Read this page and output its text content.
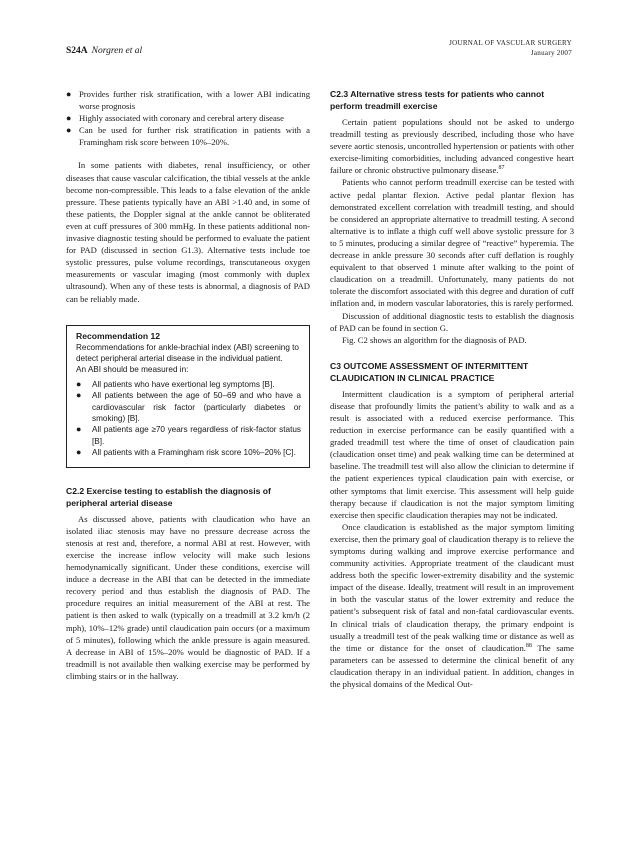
JOURNAL OF VASCULAR SURGERY
January 2007
S24A Norgren et al
● Provides further risk stratification, with a lower ABI indicating worse prognosis
● Highly associated with coronary and cerebral artery disease
● Can be used for further risk stratification in patients with a Framingham risk score between 10%–20%.

In some patients with diabetes, renal insufficiency, or other diseases that cause vascular calcification, the tibial vessels at the ankle become non-compressible. This leads to a false elevation of the ankle pressure. These patients typically have an ABI >1.40 and, in some of these patients, the Doppler signal at the ankle cannot be obliterated even at cuff pressures of 300 mmHg. In these patients additional non-invasive diagnostic testing should be performed to evaluate the patient for PAD (discussed in section G1.3). Alternative tests include toe systolic pressures, pulse volume recordings, transcutaneous oxygen measurements or vascular imaging (most commonly with duplex ultrasound). When any of these tests is abnormal, a diagnosis of PAD can be reliably made.

Recommendation 12

Recommendations for ankle-brachial index (ABI) screening to detect peripheral arterial disease in the individual patient.

An ABI should be measured in:

● All patients who have exertional leg symptoms [B].
● All patients between the age of 50–69 and who have a cardiovascular risk factor (particularly diabetes or smoking) [B].
● All patients age ≥70 years regardless of risk-factor status [B].
● All patients with a Framingham risk score 10%–20% [C].
C2.2 Exercise testing to establish the diagnosis of peripheral arterial disease

As discussed above, patients with claudication who have an isolated iliac stenosis may have no pressure decrease across the stenosis at rest and, therefore, a normal ABI at rest. However, with exercise the increase inflow velocity will make such lesions hemodynamically significant. Under these conditions, exercise will induce a decrease in the ABI that can be detected in the immediate recovery period and thus establish the diagnosis of PAD. The procedure requires an initial measurement of the ABI at rest. The patient is then asked to walk (typically on a treadmill at 3.2 km/h (2 mph), 10%–12% grade) until claudication pain occurs (or a maximum of 5 minutes), following which the ankle pressure is again measured. A decrease in ABI of 15%–20% would be diagnostic of PAD. If a treadmill is not available then walking exercise may be performed by climbing stairs or in the hallway.

C2.3 Alternative stress tests for patients who cannot perform treadmill exercise

Certain patient populations should not be asked to undergo treadmill testing as previously described, including those who have severe aortic stenosis, uncontrolled hypertension or patients with other exercise-limiting comorbidities, including advanced congestive heart failure or chronic obstructive pulmonary disease.$^{87}$

Patients who cannot perform treadmill exercise can be tested with active pedal plantar flexion. Active pedal plantar flexion has demonstrated excellent correlation with treadmill testing, and should be considered an appropriate alternative to treadmill testing. A second alternative is to inflate a thigh cuff well above systolic pressure for 3 to 5 minutes, producing a similar degree of “reactive” hyperemia. The decrease in ankle pressure 30 seconds after cuff deflation is roughly equivalent to that observed 1 minute after walking to the point of claudication on a treadmill. Unfortunately, many patients do not tolerate the discomfort associated with this degree and duration of cuff inflation and, in modern vascular laboratories, this is rarely performed.

Discussion of additional diagnostic tests to establish the diagnosis of PAD can be found in section G.

Fig. C2 shows an algorithm for the diagnosis of PAD.

C3 OUTCOME ASSESSMENT OF INTERMITTENT CLAUDICATION IN CLINICAL PRACTICE

Intermittent claudication is a symptom of peripheral arterial disease that profoundly limits the patient’s ability to walk and as a result is associated with a reduced exercise performance. This reduction in exercise performance can be easily quantified with a graded treadmill test where the time of onset of claudication pain (claudication onset time) and peak walking time can be determined at baseline. The treadmill test will also allow the clinician to determine if the patient experiences typical claudication pain with exercise, or other symptoms that limit exercise. This assessment will help guide therapy because if claudication is not the major symptom limiting exercise then specific claudication therapies may not be indicated.

Once claudication is established as the major symptom limiting exercise, then the primary goal of claudication therapy is to relieve the symptoms during walking and improve exercise performance and community activities. Appropriate treatment of the claudicant must address both the specific lower-extremity disability and the systemic impact of the disease. Ideally, treatment will result in an improvement in both the vascular status of the lower extremity and reduce the patient’s subsequent risk of fatal and non-fatal cardiovascular events. In clinical trials of claudication therapy, the primary endpoint is usually a treadmill test of the peak walking time or distance as well as the time or distance for the onset of claudication.$^{88}$ The same parameters can be assessed to determine the clinical benefit of any claudication therapy in an individual patient. In addition, changes in the physical domains of the Medical Out-
